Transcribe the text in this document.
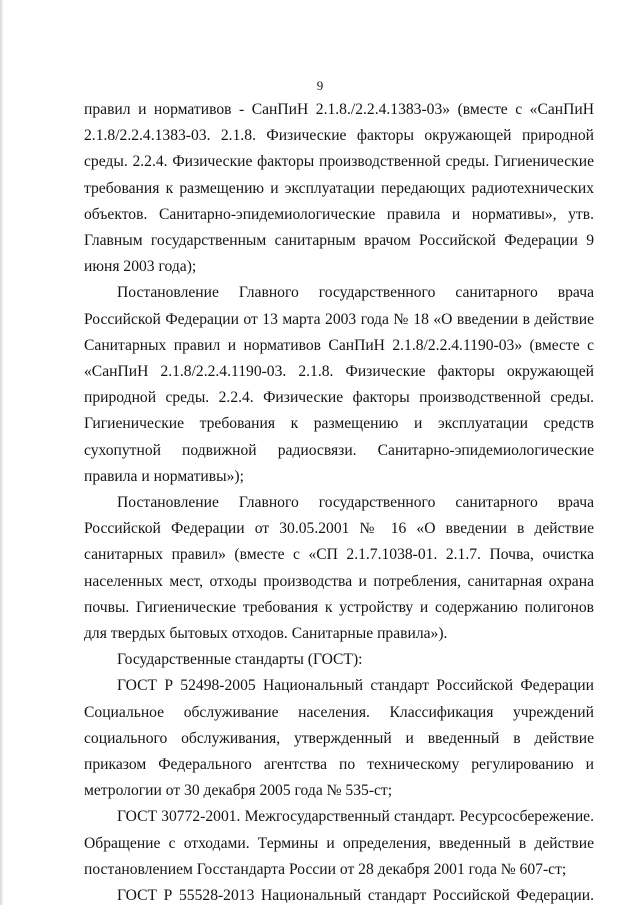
9

правил и нормативов - СанПиН 2.1.8./2.2.4.1383-03» (вместе с «СанПиН 2.1.8/2.2.4.1383-03. 2.1.8. Физические факторы окружающей природной среды. 2.2.4. Физические факторы производственной среды. Гигиенические требования к размещению и эксплуатации передающих радиотехнических объектов. Санитарно-эпидемиологические правила и нормативы», утв. Главным государственным санитарным врачом Российской Федерации 9 июня 2003 года);

Постановление Главного государственного санитарного врача Российской Федерации от 13 марта 2003 года № 18 «О введении в действие Санитарных правил и нормативов СанПиН 2.1.8/2.2.4.1190-03» (вместе с «СанПиН 2.1.8/2.2.4.1190-03. 2.1.8. Физические факторы окружающей природной среды. 2.2.4. Физические факторы производственной среды. Гигиенические требования к размещению и эксплуатации средств сухопутной подвижной радиосвязи. Санитарно-эпидемиологические правила и нормативы»);

Постановление Главного государственного санитарного врача Российской Федерации от 30.05.2001 № 16 «О введении в действие санитарных правил» (вместе с «СП 2.1.7.1038-01. 2.1.7. Почва, очистка населенных мест, отходы производства и потребления, санитарная охрана почвы. Гигиенические требования к устройству и содержанию полигонов для твердых бытовых отходов. Санитарные правила»).

Государственные стандарты (ГОСТ):

ГОСТ Р 52498-2005 Национальный стандарт Российской Федерации Социальное обслуживание населения. Классификация учреждений социального обслуживания, утвержденный и введенный в действие приказом Федерального агентства по техническому регулированию и метрологии от 30 декабря 2005 года № 535-ст;

ГОСТ 30772-2001. Межгосударственный стандарт. Ресурсосбережение. Обращение с отходами. Термины и определения, введенный в действие постановлением Госстандарта России от 28 декабря 2001 года № 607-ст;

ГОСТ Р 55528-2013 Национальный стандарт Российской Федерации.
